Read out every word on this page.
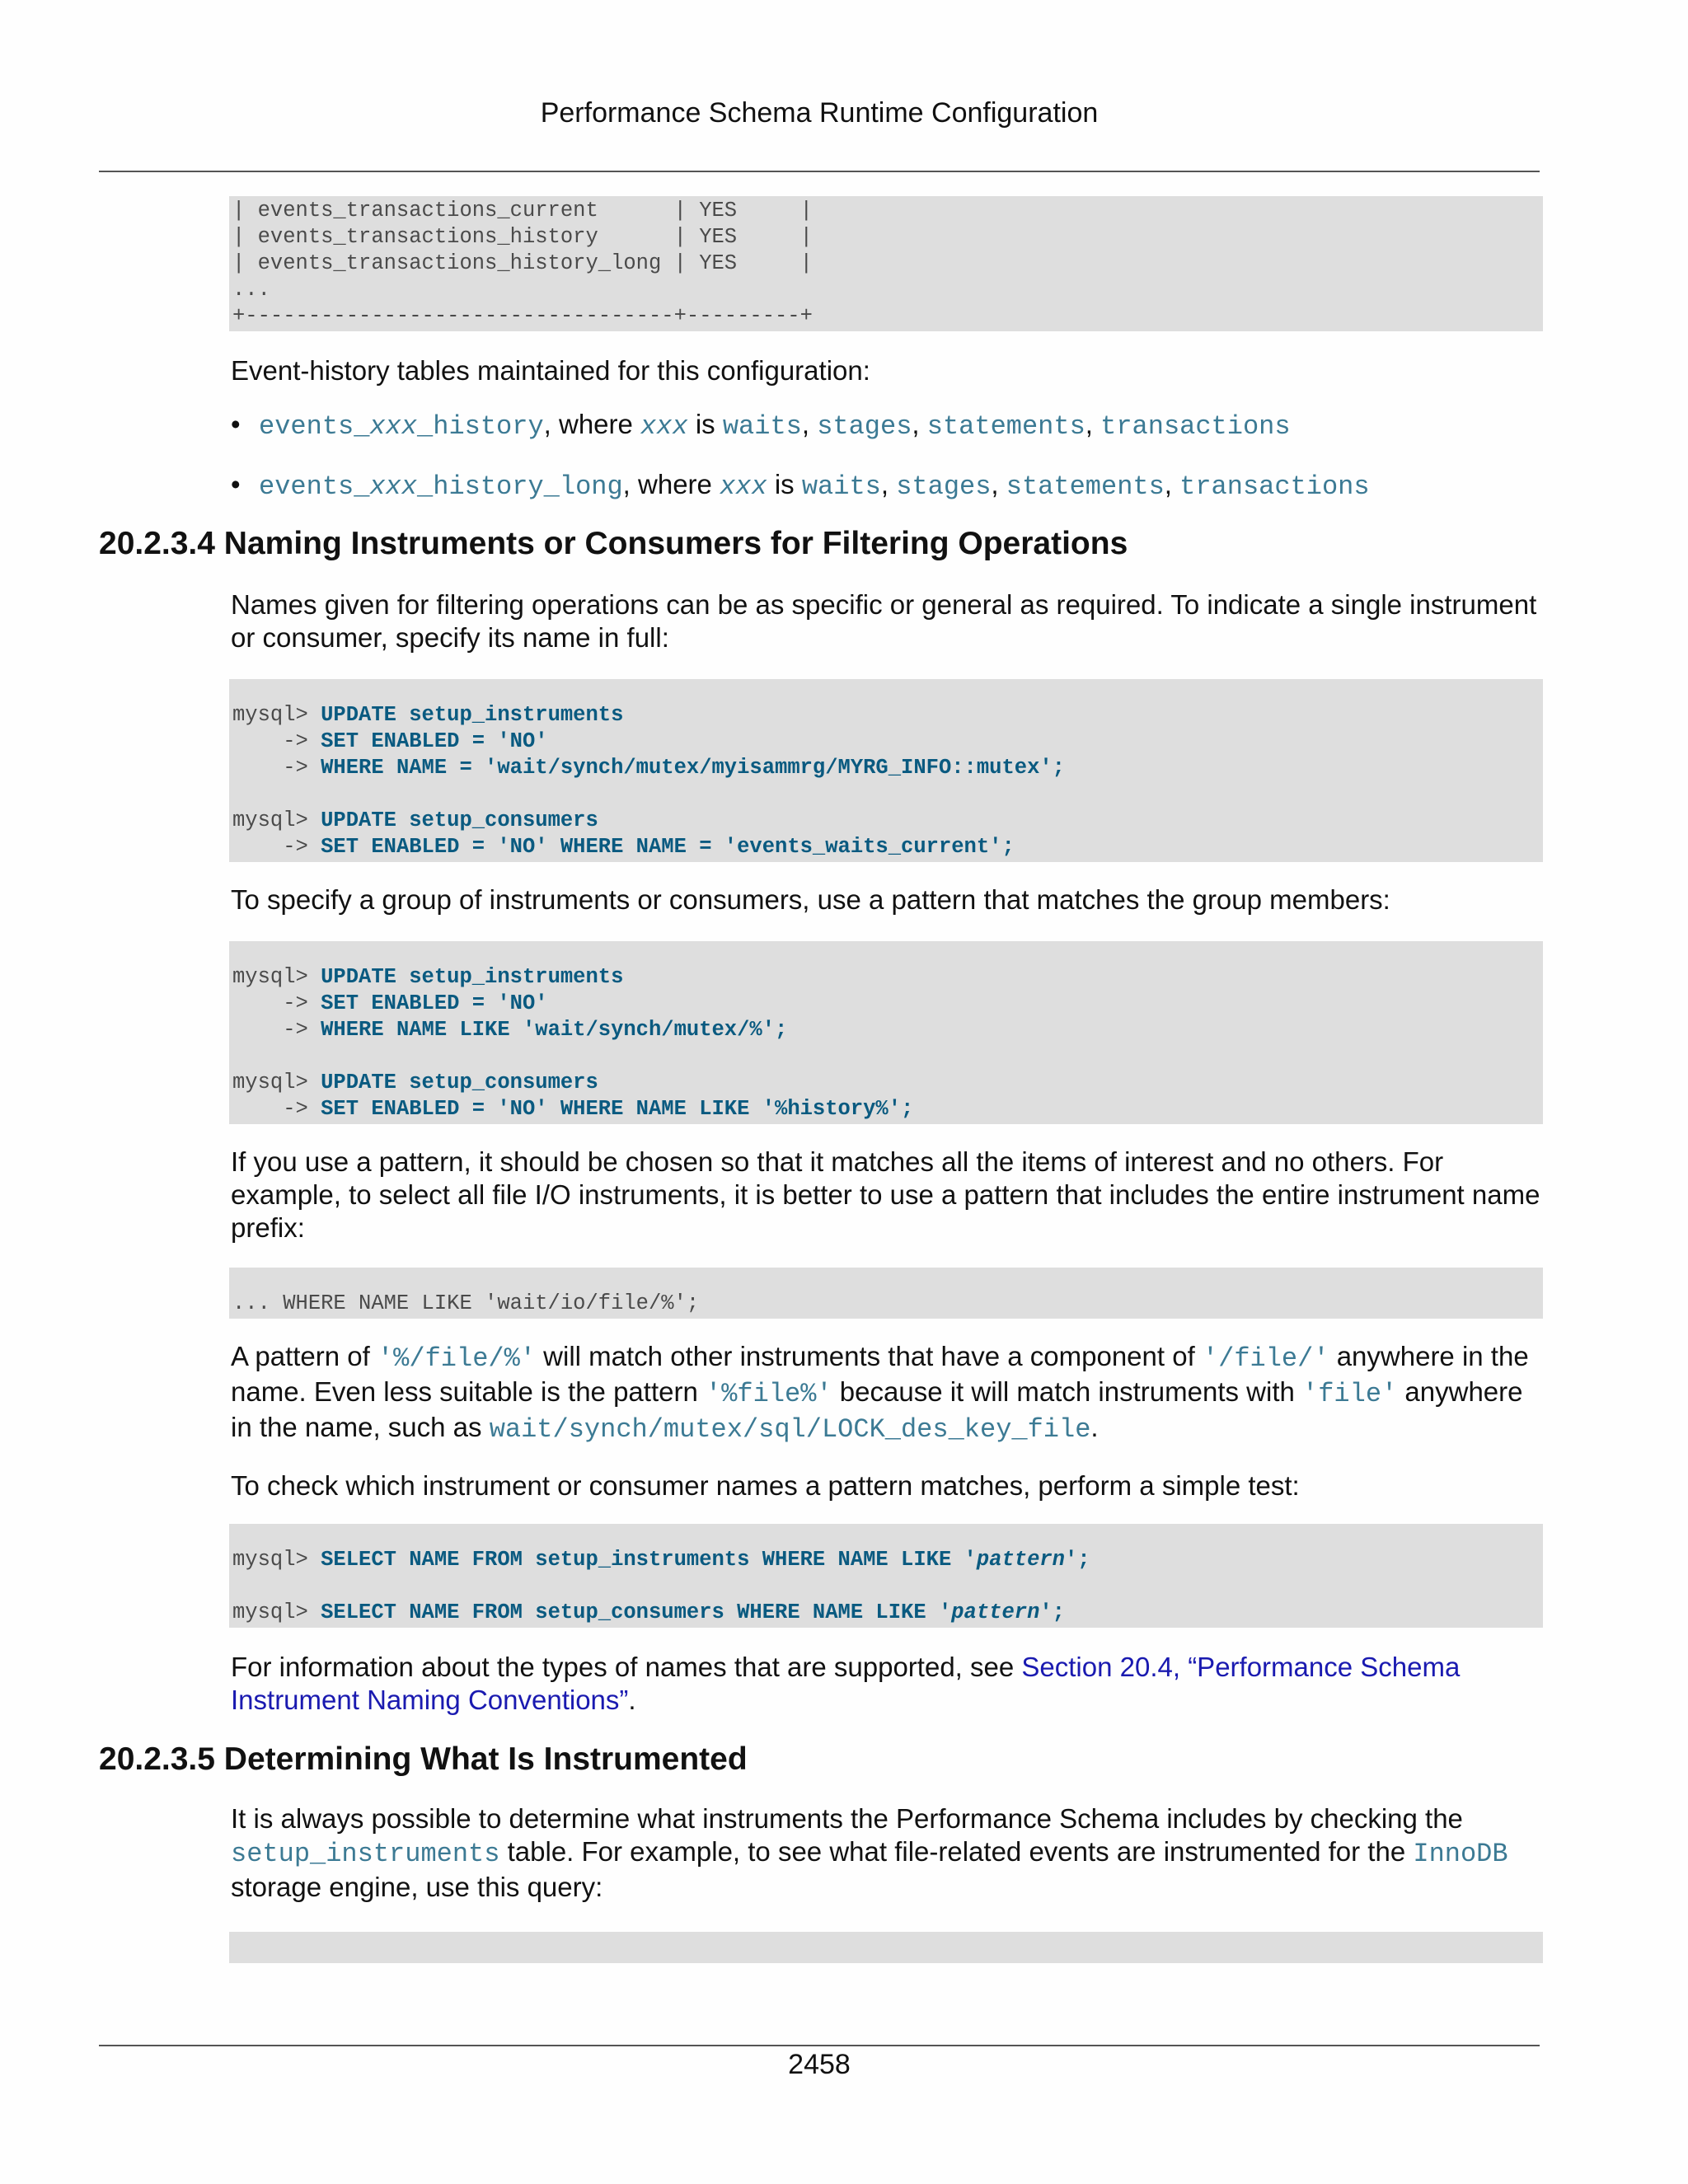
Performance Schema Runtime Configuration
| events_transactions_current      | YES     |
| events_transactions_history      | YES     |
| events_transactions_history_long | YES     |
...
+----------------------------------+---------+

Event-history tables maintained for this configuration:

• events_xxx_history, where xxx is waits, stages, statements, transactions
• events_xxx_history_long, where xxx is waits, stages, statements, transactions
20.2.3.4 Naming Instruments or Consumers for Filtering Operations

Names given for filtering operations can be as specific or general as required. To indicate a single instrument or consumer, specify its name in full:

mysql> UPDATE setup_instruments
-> SET ENABLED = 'NO'
-> WHERE NAME = 'wait/synch/mutex/myisammrg/MYRG_INFO::mutex';

mysql> UPDATE setup_consumers
-> SET ENABLED = 'NO' WHERE NAME = 'events_waits_current';

To specify a group of instruments or consumers, use a pattern that matches the group members:

mysql> UPDATE setup_instruments
-> SET ENABLED = 'NO'
-> WHERE NAME LIKE 'wait/synch/mutex/%';

mysql> UPDATE setup_consumers
-> SET ENABLED = 'NO' WHERE NAME LIKE '%history%';

If you use a pattern, it should be chosen so that it matches all the items of interest and no others. For example, to select all file I/O instruments, it is better to use a pattern that includes the entire instrument name prefix:

... WHERE NAME LIKE 'wait/io/file/%';

A pattern of '%/file/%' will match other instruments that have a component of '/file/' anywhere in the name. Even less suitable is the pattern '%file%' because it will match instruments with 'file' anywhere in the name, such as wait/synch/mutex/sql/LOCK_des_key_file.

To check which instrument or consumer names a pattern matches, perform a simple test:

mysql> SELECT NAME FROM setup_instruments WHERE NAME LIKE 'pattern';

mysql> SELECT NAME FROM setup_consumers WHERE NAME LIKE 'pattern';

For information about the types of names that are supported, see Section 20.4, “Performance Schema Instrument Naming Conventions”.

20.2.3.5 Determining What Is Instrumented

It is always possible to determine what instruments the Performance Schema includes by checking the setup_instruments table. For example, to see what file-related events are instrumented for the InnoDB storage engine, use this query:

2458
